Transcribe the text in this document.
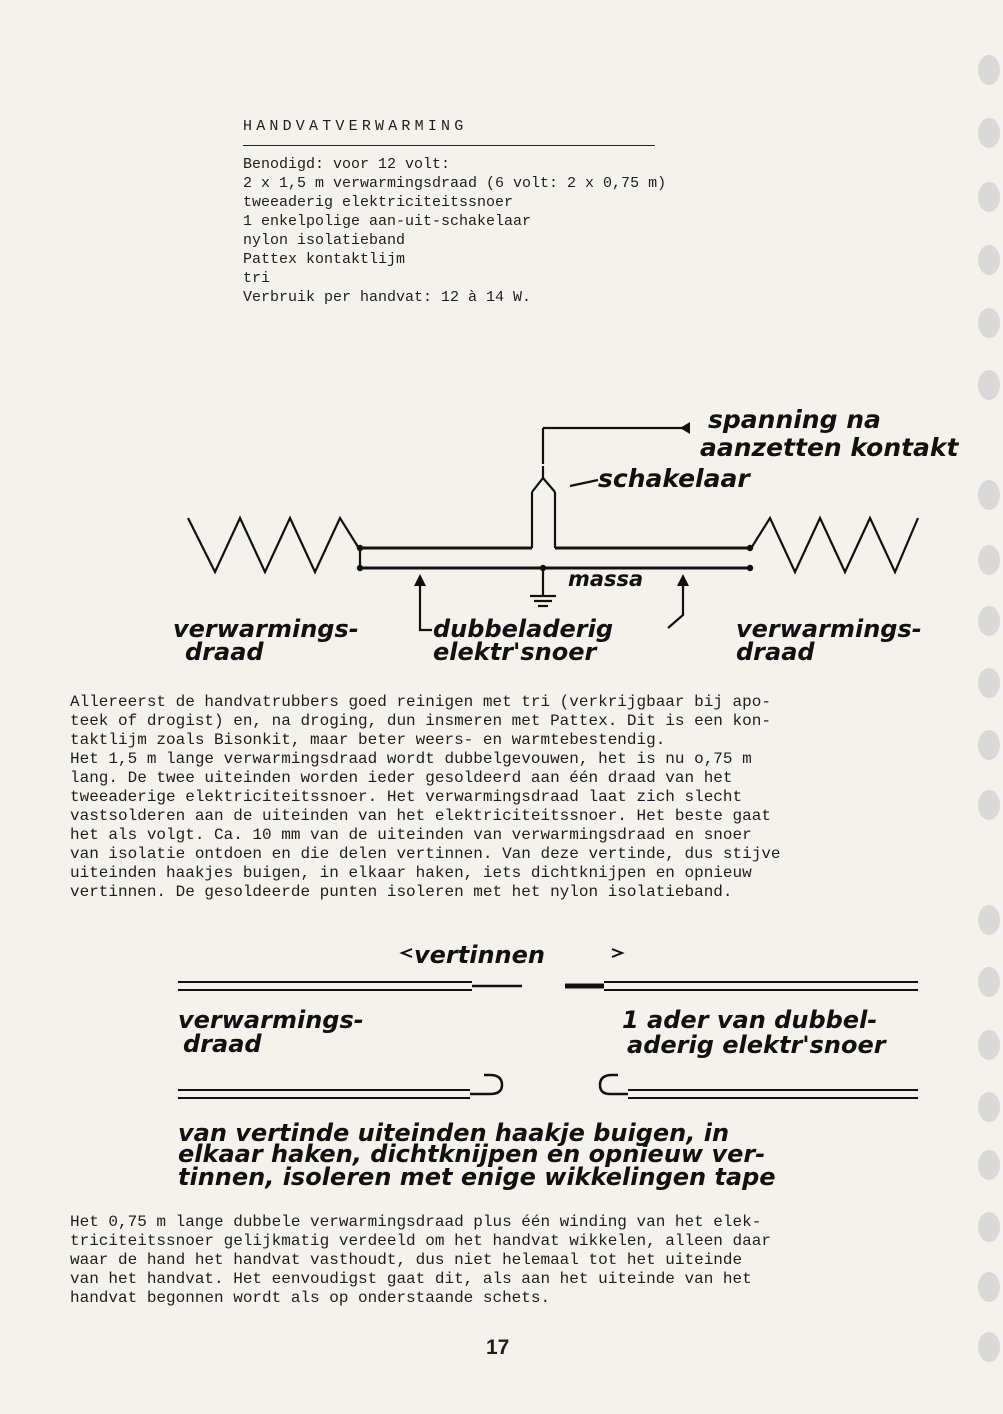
HANDVATVERWARMING
Benodigd: voor 12 volt:
2 x 1,5 m verwarmingsdraad (6 volt: 2 x 0,75 m)
tweeaderig elektriciteitssnoer
1 enkelpolige aan-uit-schakelaar
nylon isolatieband
Pattex kontaktlijm
tri
Verbruik per handvat: 12 à 14 W.
spanning na
aanzetten kontakt
schakelaar
massa
verwarmings-
draad
dubbeladerig
elektr'snoer
verwarmings-
draad
Allereerst de handvatrubbers goed reinigen met tri (verkrijgbaar bij apo-
teek of drogist) en, na droging, dun insmeren met Pattex. Dit is een kon-
taktlijm zoals Bisonkit, maar beter weers- en warmtebestendig.
Het 1,5 m lange verwarmingsdraad wordt dubbelgevouwen, het is nu o,75 m
lang. De twee uiteinden worden ieder gesoldeerd aan één draad van het
tweeaderige elektriciteitssnoer. Het verwarmingsdraad laat zich slecht
vastsolderen aan de uiteinden van het elektriciteitssnoer. Het beste gaat
het als volgt. Ca. 10 mm van de uiteinden van verwarmingsdraad en snoer
van isolatie ontdoen en die delen vertinnen. Van deze vertinde, dus stijve
uiteinden haakjes buigen, in elkaar haken, iets dichtknijpen en opnieuw
vertinnen. De gesoldeerde punten isoleren met het nylon isolatieband.
vertinnen
verwarmings-
draad
1 ader van dubbel-
aderig elektr'snoer
van vertinde uiteinden haakje buigen, in
elkaar haken, dichtknijpen en opnieuw ver-
tinnen, isoleren met enige wikkelingen tape
Het 0,75 m lange dubbele verwarmingsdraad plus één winding van het elek-
triciteitssnoer gelijkmatig verdeeld om het handvat wikkelen, alleen daar
waar de hand het handvat vasthoudt, dus niet helemaal tot het uiteinde
van het handvat. Het eenvoudigst gaat dit, als aan het uiteinde van het
handvat begonnen wordt als op onderstaande schets.
17
